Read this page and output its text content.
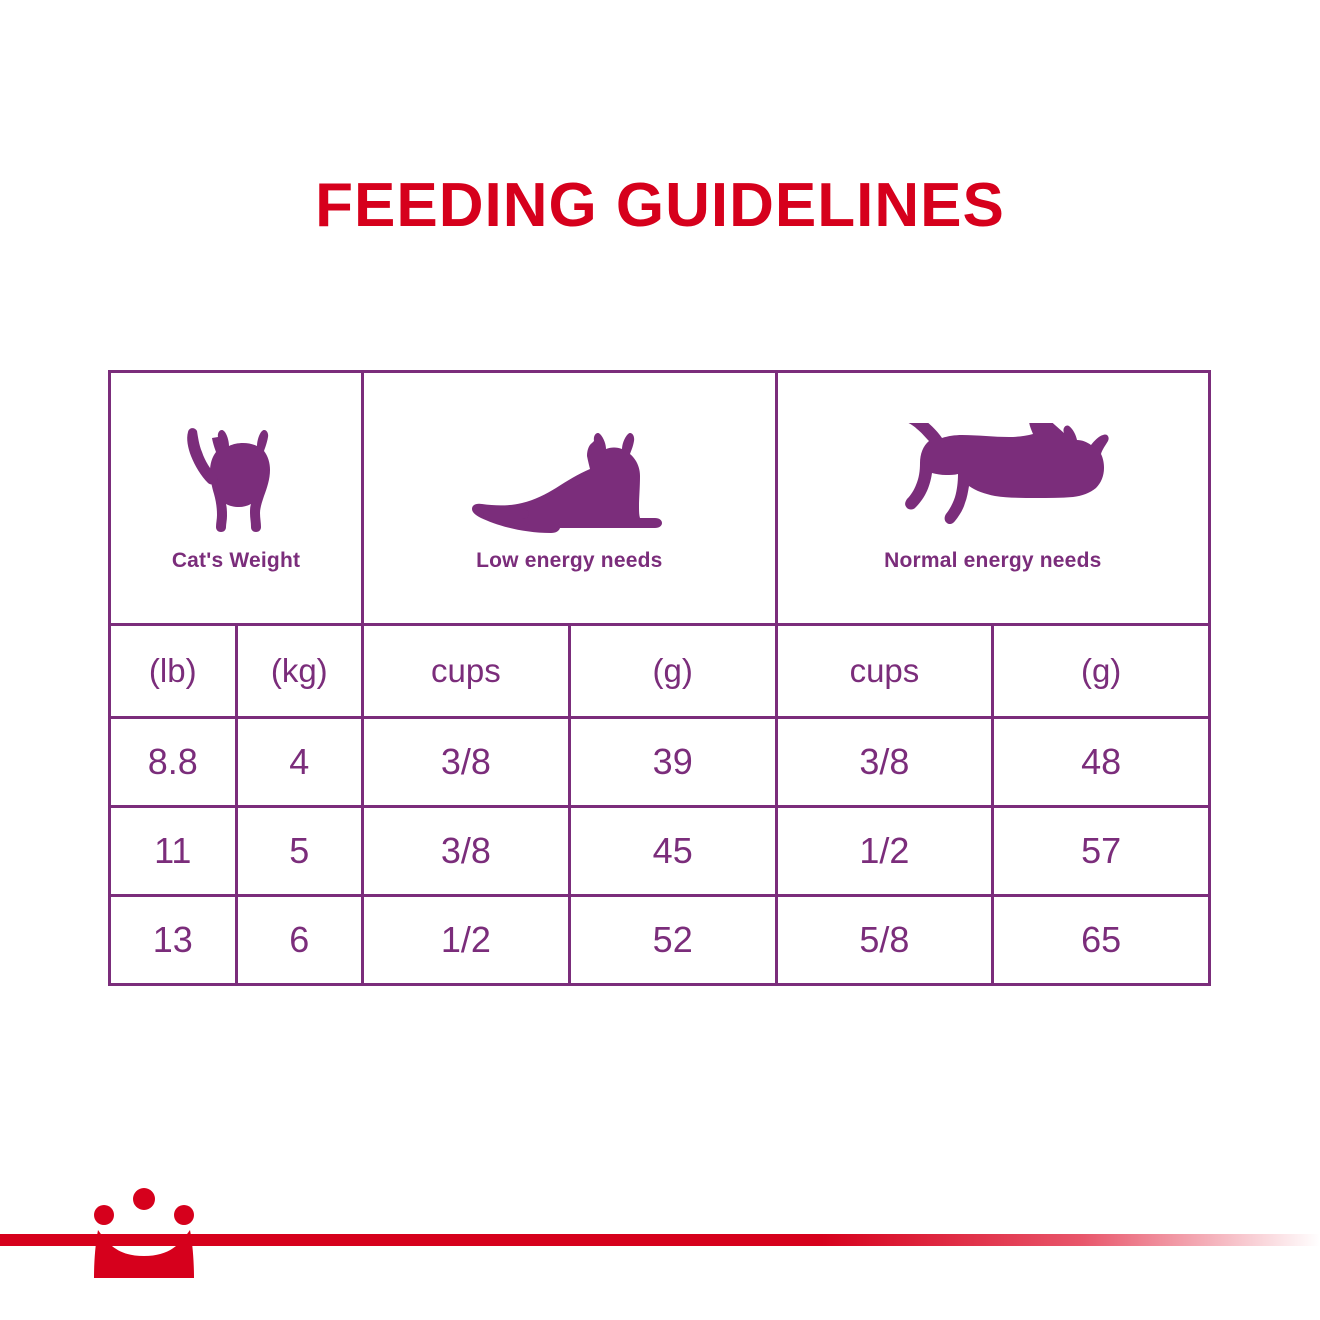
FEEDING GUIDELINES
Cat's Weight		Low energy needs		Normal energy needs	

(lb)	(kg)	cups	(g)	cups	(g)
8.8	4	3/8	39	3/8	48
11	5	3/8	45	1/2	57
13	6	1/2	52	5/8	65
